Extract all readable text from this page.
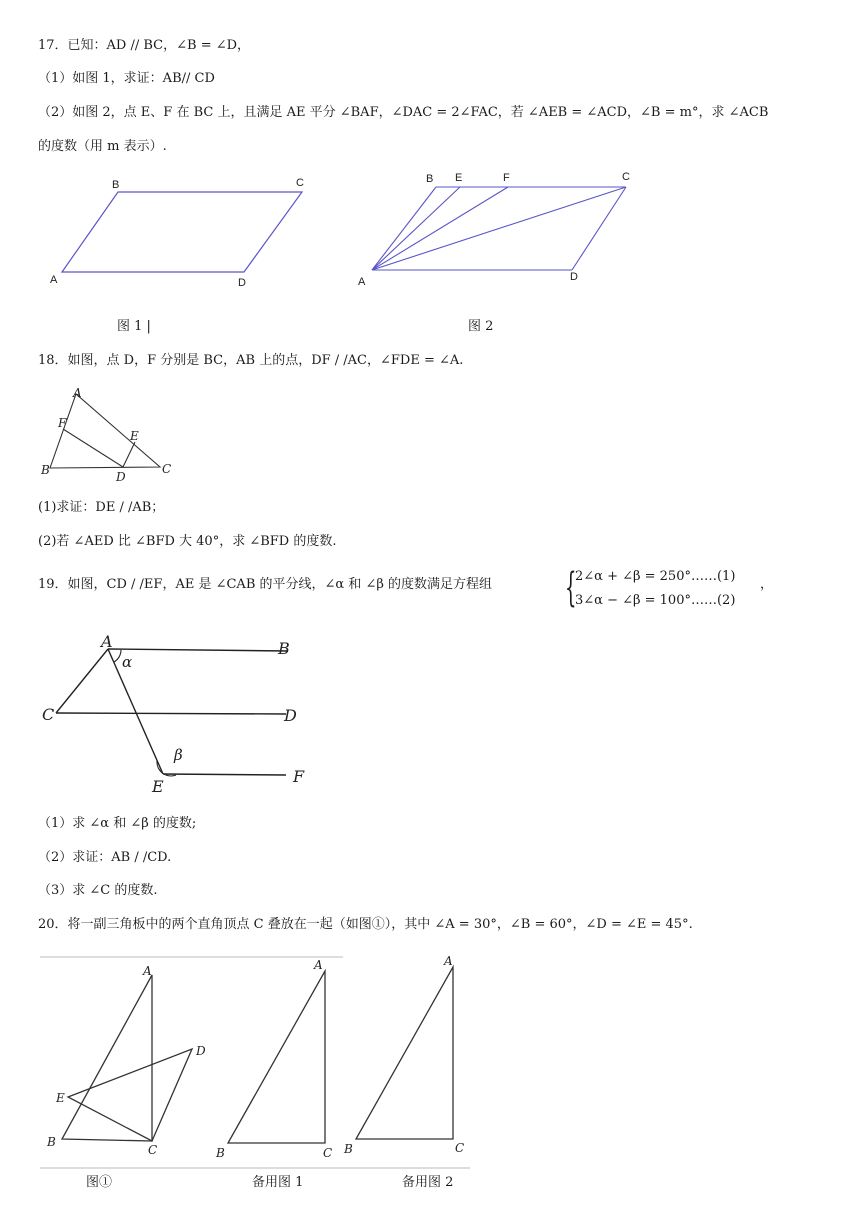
17．已知：AD // BC，∠B = ∠D，
（1）如图 1，求证：AB// CD
（2）如图 2，点 E、F 在 BC 上，且满足 AE 平分 ∠BAF，∠DAC = 2∠FAC，若 ∠AEB = ∠ACD，∠B = m°，求 ∠ACB
的度数（用 m 表示）.
A
B	C
D
图 1 |
A
B E	F	C
D
图 2
18．如图，点 D，F 分别是 BC，AB 上的点，DF / /AC，∠FDE = ∠A.
A
F
E
B	D
C
(1)求证：DE / /AB；
(2)若 ∠AED 比 ∠BFD 大 40°，求 ∠BFD 的度数.
19．如图，CD / /EF，AE 是 ∠CAB 的平分线，∠α 和 ∠β 的度数满足方程组 {
2∠α + ∠β = 250°……(1)
3∠α − ∠β = 100°……(2)
，
A	B
C	D
E
F
α
β
（1）求 ∠α 和 ∠β 的度数;
（2）求证：AB / /CD.
（3）求 ∠C 的度数.
20．将一副三角板中的两个直角顶点 C 叠放在一起（如图①），其中 ∠A = 30°，∠B = 60°，∠D = ∠E = 45°.
A
D
E
B
C
A
B	C
A
B	C
图①	备用图 1	备用图 2
